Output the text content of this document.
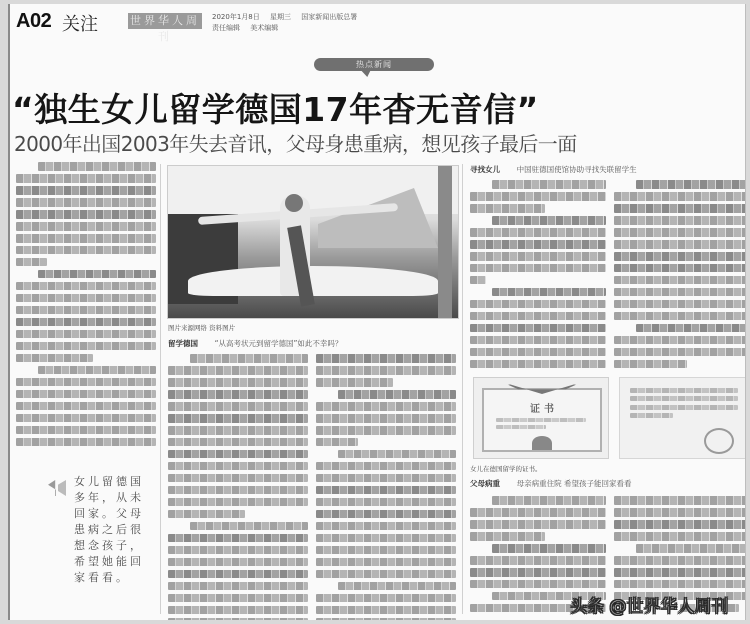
A02 关注	世界华人周刊
2020年1月8日 星期三 国家新闻出版总署
责任编辑 美术编辑
热点新闻
“独生女儿留学德国17年杳无音信”
2000年出国2003年失去音讯，父母身患重病，想见孩子最后一面
女儿留德国多年，从未回家。父母患病之后很想念孩子，希望她能回家看看。
图片来源网络 资料图片
留学德国 “从高考状元到留学德国”如此不幸吗？
寻找女儿 中国驻德国使馆协助寻找失联留学生
证书
女儿在德国留学的证书。
父母病重 母亲病重住院 希望孩子能回家看看
头条 @世界华人周刊
